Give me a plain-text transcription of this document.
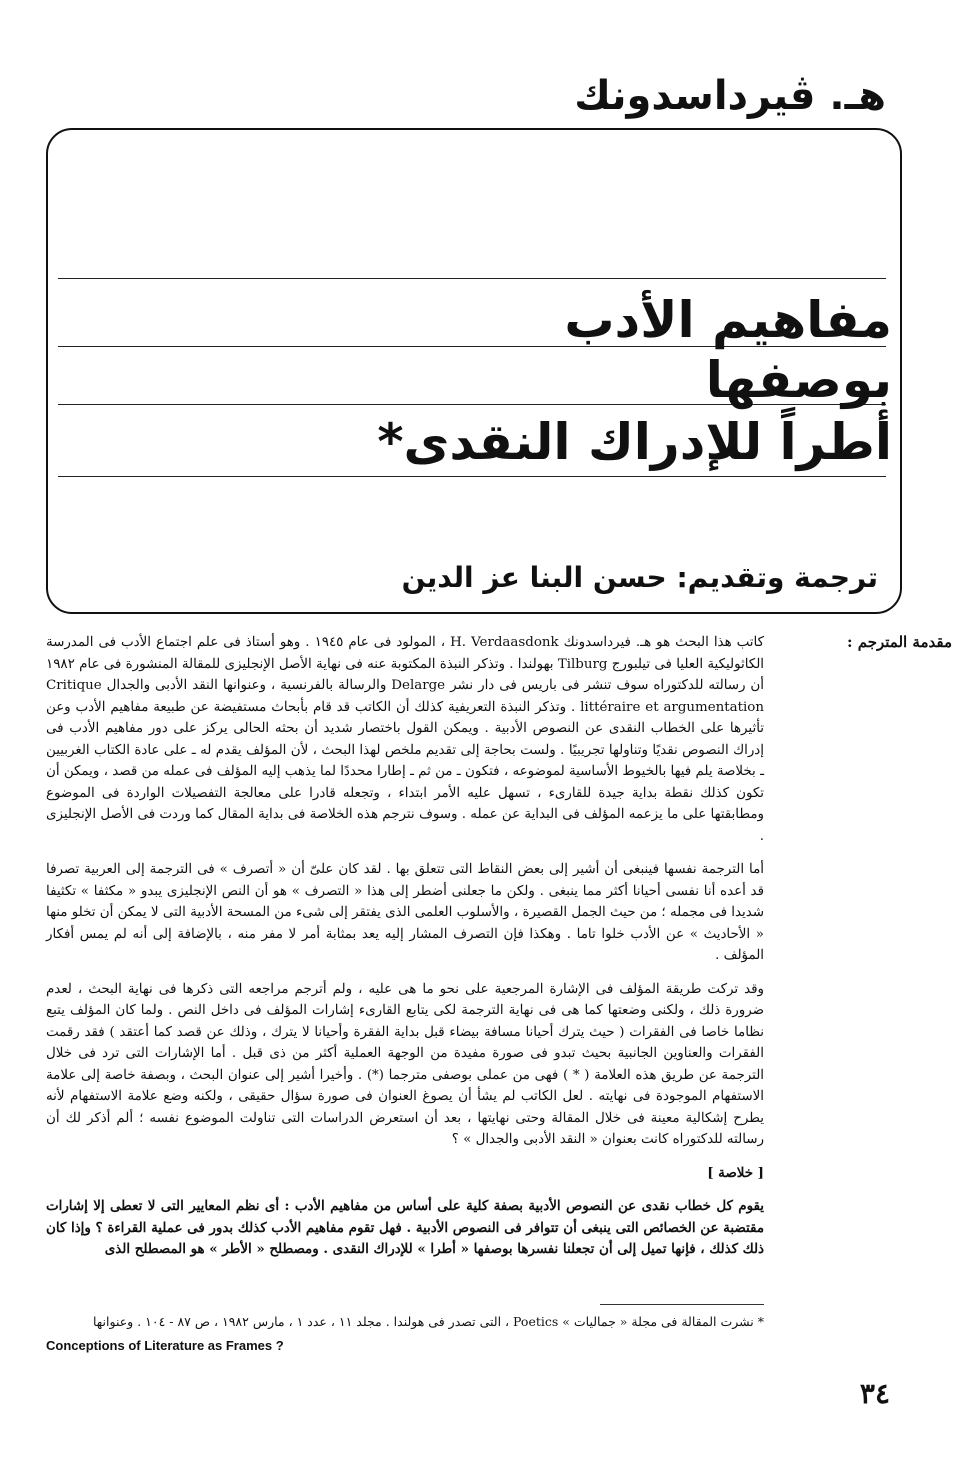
هـ. ڤيرداسدونك
مفاهيم الأدب
بوصفها
أطراً للإدراك النقدى*
ترجمة وتقديم: حسن البنا عز الدين
مقدمة المترجم :

كاتب هذا البحث هو هـ. فيرداسدونك H. Verdaasdonk ، المولود فى عام ١٩٤٥ . وهو أستاذ فى علم اجتماع الأدب فى المدرسة الكاثوليكية العليا فى تيلبورج Tilburg بهولندا . وتذكر النبذة المكتوبة عنه فى نهاية الأصل الإنجليزى للمقالة المنشورة فى عام ١٩٨٢ أن رسالته للدكتوراه سوف تنشر فى باريس فى دار نشر Delarge والرسالة بالفرنسية ، وعنوانها النقد الأدبى والجدال Critique littéraire et argumentation . وتذكر النبذة التعريفية كذلك أن الكاتب قد قام بأبحاث مستفيضة عن طبيعة مفاهيم الأدب وعن تأثيرها على الخطاب النقدى عن النصوص الأدبية . ويمكن القول باختصار شديد أن بحثه الحالى يركز على دور مفاهيم الأدب فى إدراك النصوص نقديًا وتناولها تجريبيًا . ولست بحاجة إلى تقديم ملخص لهذا البحث ، لأن المؤلف يقدم له ـ على عادة الكتاب الغربيين ـ بخلاصة يلم فيها بالخيوط الأساسية لموضوعه ، فتكون ـ من ثم ـ إطارا محددًا لما يذهب إليه المؤلف فى عمله من قصد ، ويمكن أن تكون كذلك نقطة بداية جيدة للقارىء ، تسهل عليه الأمر ابتداء ، وتجعله قادرا على معالجة التفصيلات الواردة فى الموضوع ومطابقتها على ما يزعمه المؤلف فى البداية عن عمله . وسوف نترجم هذه الخلاصة فى بداية المقال كما وردت فى الأصل الإنجليزى .

أما الترجمة نفسها فينبغى أن أشير إلى بعض النقاط التى تتعلق بها . لقد كان علىّ أن « أتصرف » فى الترجمة إلى العربية تصرفا قد أعده أنا نفسى أحيانا أكثر مما ينبغى . ولكن ما جعلنى أضطر إلى هذا « التصرف » هو أن النص الإنجليزى يبدو « مكثفا » تكثيفا شديدا فى مجمله ؛ من حيث الجمل القصيرة ، والأسلوب العلمى الذى يفتقر إلى شىء من المسحة الأدبية التى لا يمكن أن تخلو منها « الأحاديث » عن الأدب خلوا تاما . وهكذا فإن التصرف المشار إليه يعد بمثابة أمر لا مفر منه ، بالإضافة إلى أنه لم يمس أفكار المؤلف .

وقد تركت طريقة المؤلف فى الإشارة المرجعية على نحو ما هى عليه ، ولم أترجم مراجعه التى ذكرها فى نهاية البحث ، لعدم ضرورة ذلك ، ولكنى وضعتها كما هى فى نهاية الترجمة لكى يتابع القارىء إشارات المؤلف فى داخل النص . ولما كان المؤلف يتبع نظاما خاصا فى الفقرات ( حيث يترك أحيانا مسافة بيضاء قبل بداية الفقرة وأحيانا لا يترك ، وذلك عن قصد كما أعتقد ) فقد رقمت الفقرات والعناوين الجانبية بحيث تبدو فى صورة مفيدة من الوجهة العملية أكثر من ذى قبل . أما الإشارات التى ترد فى خلال الترجمة عن طريق هذه العلامة ( * ) فهى من عملى بوصفى مترجما (*) . وأخيرا أشير إلى عنوان البحث ، وبصفة خاصة إلى علامة الاستفهام الموجودة فى نهايته . لعل الكاتب لم يشأ أن يصوغ العنوان فى صورة سؤال حقيقى ، ولكنه وضع علامة الاستفهام لأنه يطرح إشكالية معينة فى خلال المقالة وحتى نهايتها ، بعد أن استعرض الدراسات التى تناولت الموضوع نفسه ؛ ألم أذكر لك أن رسالته للدكتوراه كانت بعنوان « النقد الأدبى والجدال » ؟

[ خلاصة ]

يقوم كل خطاب نقدى عن النصوص الأدبية بصفة كلية على أساس من مفاهيم الأدب : أى نظم المعايير التى لا تعطى إلا إشارات مقتضبة عن الخصائص التى ينبغى أن تتوافر فى النصوص الأدبية . فهل تقوم مفاهيم الأدب كذلك بدور فى عملية القراءة ؟ وإذا كان ذلك كذلك ، فإنها تميل إلى أن تجعلنا نفسرها بوصفها « أطرا » للإدراك النقدى . ومصطلح « الأطر » هو المصطلح الذى

* نشرت المقالة فى مجلة « جماليات » Poetics ، التى تصدر فى هولندا . مجلد ١١ ، عدد ١ ، مارس ١٩٨٢ ، ص ٨٧ - ١٠٤ . وعنوانها
Conceptions of Literature as Frames ?
٣٤
